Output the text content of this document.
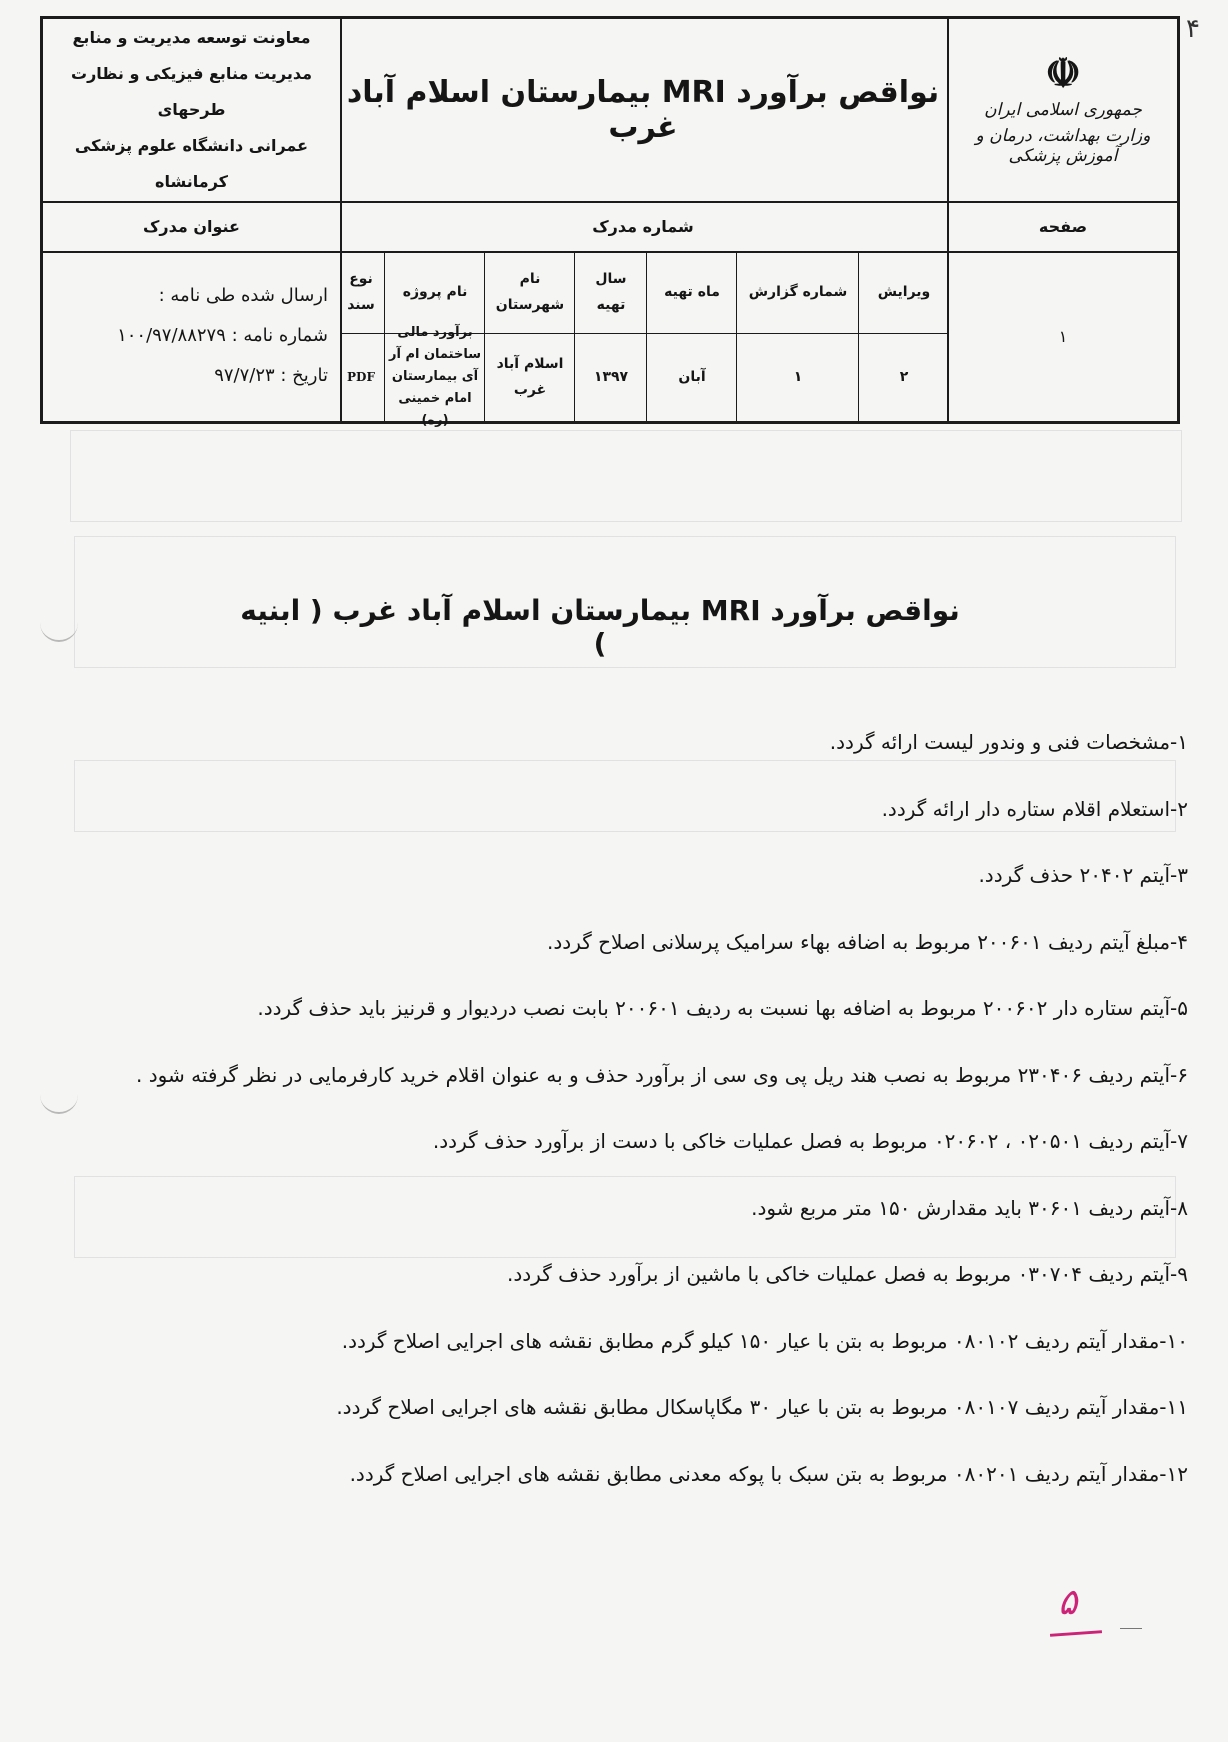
۴
☫
جمهوری اسلامی ایران
وزارت بهداشت، درمان و آموزش پزشکی
نواقص برآورد MRI بیمارستان اسلام آباد غرب
معاونت توسعه مدیریت و منابع
مدیریت منابع فیزیکی و نظارت طرحهای
عمرانی دانشگاه علوم پزشکی کرمانشاه
صفحه
شماره مدرک
عنوان مدرک
۱
ویرایش
شماره گزارش
ماه تهیه
سال تهیه
نام شهرستان
نام پروژه
نوع سند
۲
۱
آبان
۱۳۹۷
اسلام آباد غرب
برآورد مالی ساختمان ام آر آی بیمارستان امام خمینی (ره)
PDF
ارسال شده طی نامه :
شماره نامه : ۱۰۰/۹۷/۸۸۲۷۹
تاریخ : ۹۷/۷/۲۳
نواقص برآورد MRI بیمارستان اسلام آباد غرب ( ابنیه )
۱-مشخصات فنی و وندور لیست ارائه گردد.
۲-استعلام اقلام ستاره دار ارائه گردد.
۳-آیتم ۲۰۴۰۲ حذف گردد.
۴-مبلغ آیتم ردیف ۲۰۰۶۰۱ مربوط به اضافه بهاء سرامیک پرسلانی اصلاح گردد.
۵-آیتم ستاره دار ۲۰۰۶۰۲ مربوط به اضافه بها نسبت به ردیف ۲۰۰۶۰۱ بابت نصب دردیوار و قرنیز باید حذف گردد.
۶-آیتم ردیف ۲۳۰۴۰۶ مربوط به نصب هند ریل پی وی سی از برآورد حذف و به عنوان اقلام خرید کارفرمایی در نظر گرفته شود .
۷-آیتم ردیف ۰۲۰۵۰۱ ، ۰۲۰۶۰۲ مربوط به فصل عملیات خاکی با دست از برآورد حذف گردد.
۸-آیتم ردیف ۳۰۶۰۱ باید مقدارش ۱۵۰ متر مربع شود.
۹-آیتم ردیف ۰۳۰۷۰۴ مربوط به فصل عملیات خاکی با ماشین از برآورد حذف گردد.
۱۰-مقدار آیتم ردیف ۰۸۰۱۰۲ مربوط به بتن با عیار ۱۵۰ کیلو گرم مطابق نقشه های اجرایی اصلاح گردد.
۱۱-مقدار آیتم ردیف ۰۸۰۱۰۷ مربوط به بتن با عیار ۳۰ مگاپاسکال مطابق نقشه های اجرایی اصلاح گردد.
۱۲-مقدار آیتم ردیف ۰۸۰۲۰۱ مربوط به بتن سبک با پوکه معدنی مطابق نقشه های اجرایی اصلاح گردد.
۵
